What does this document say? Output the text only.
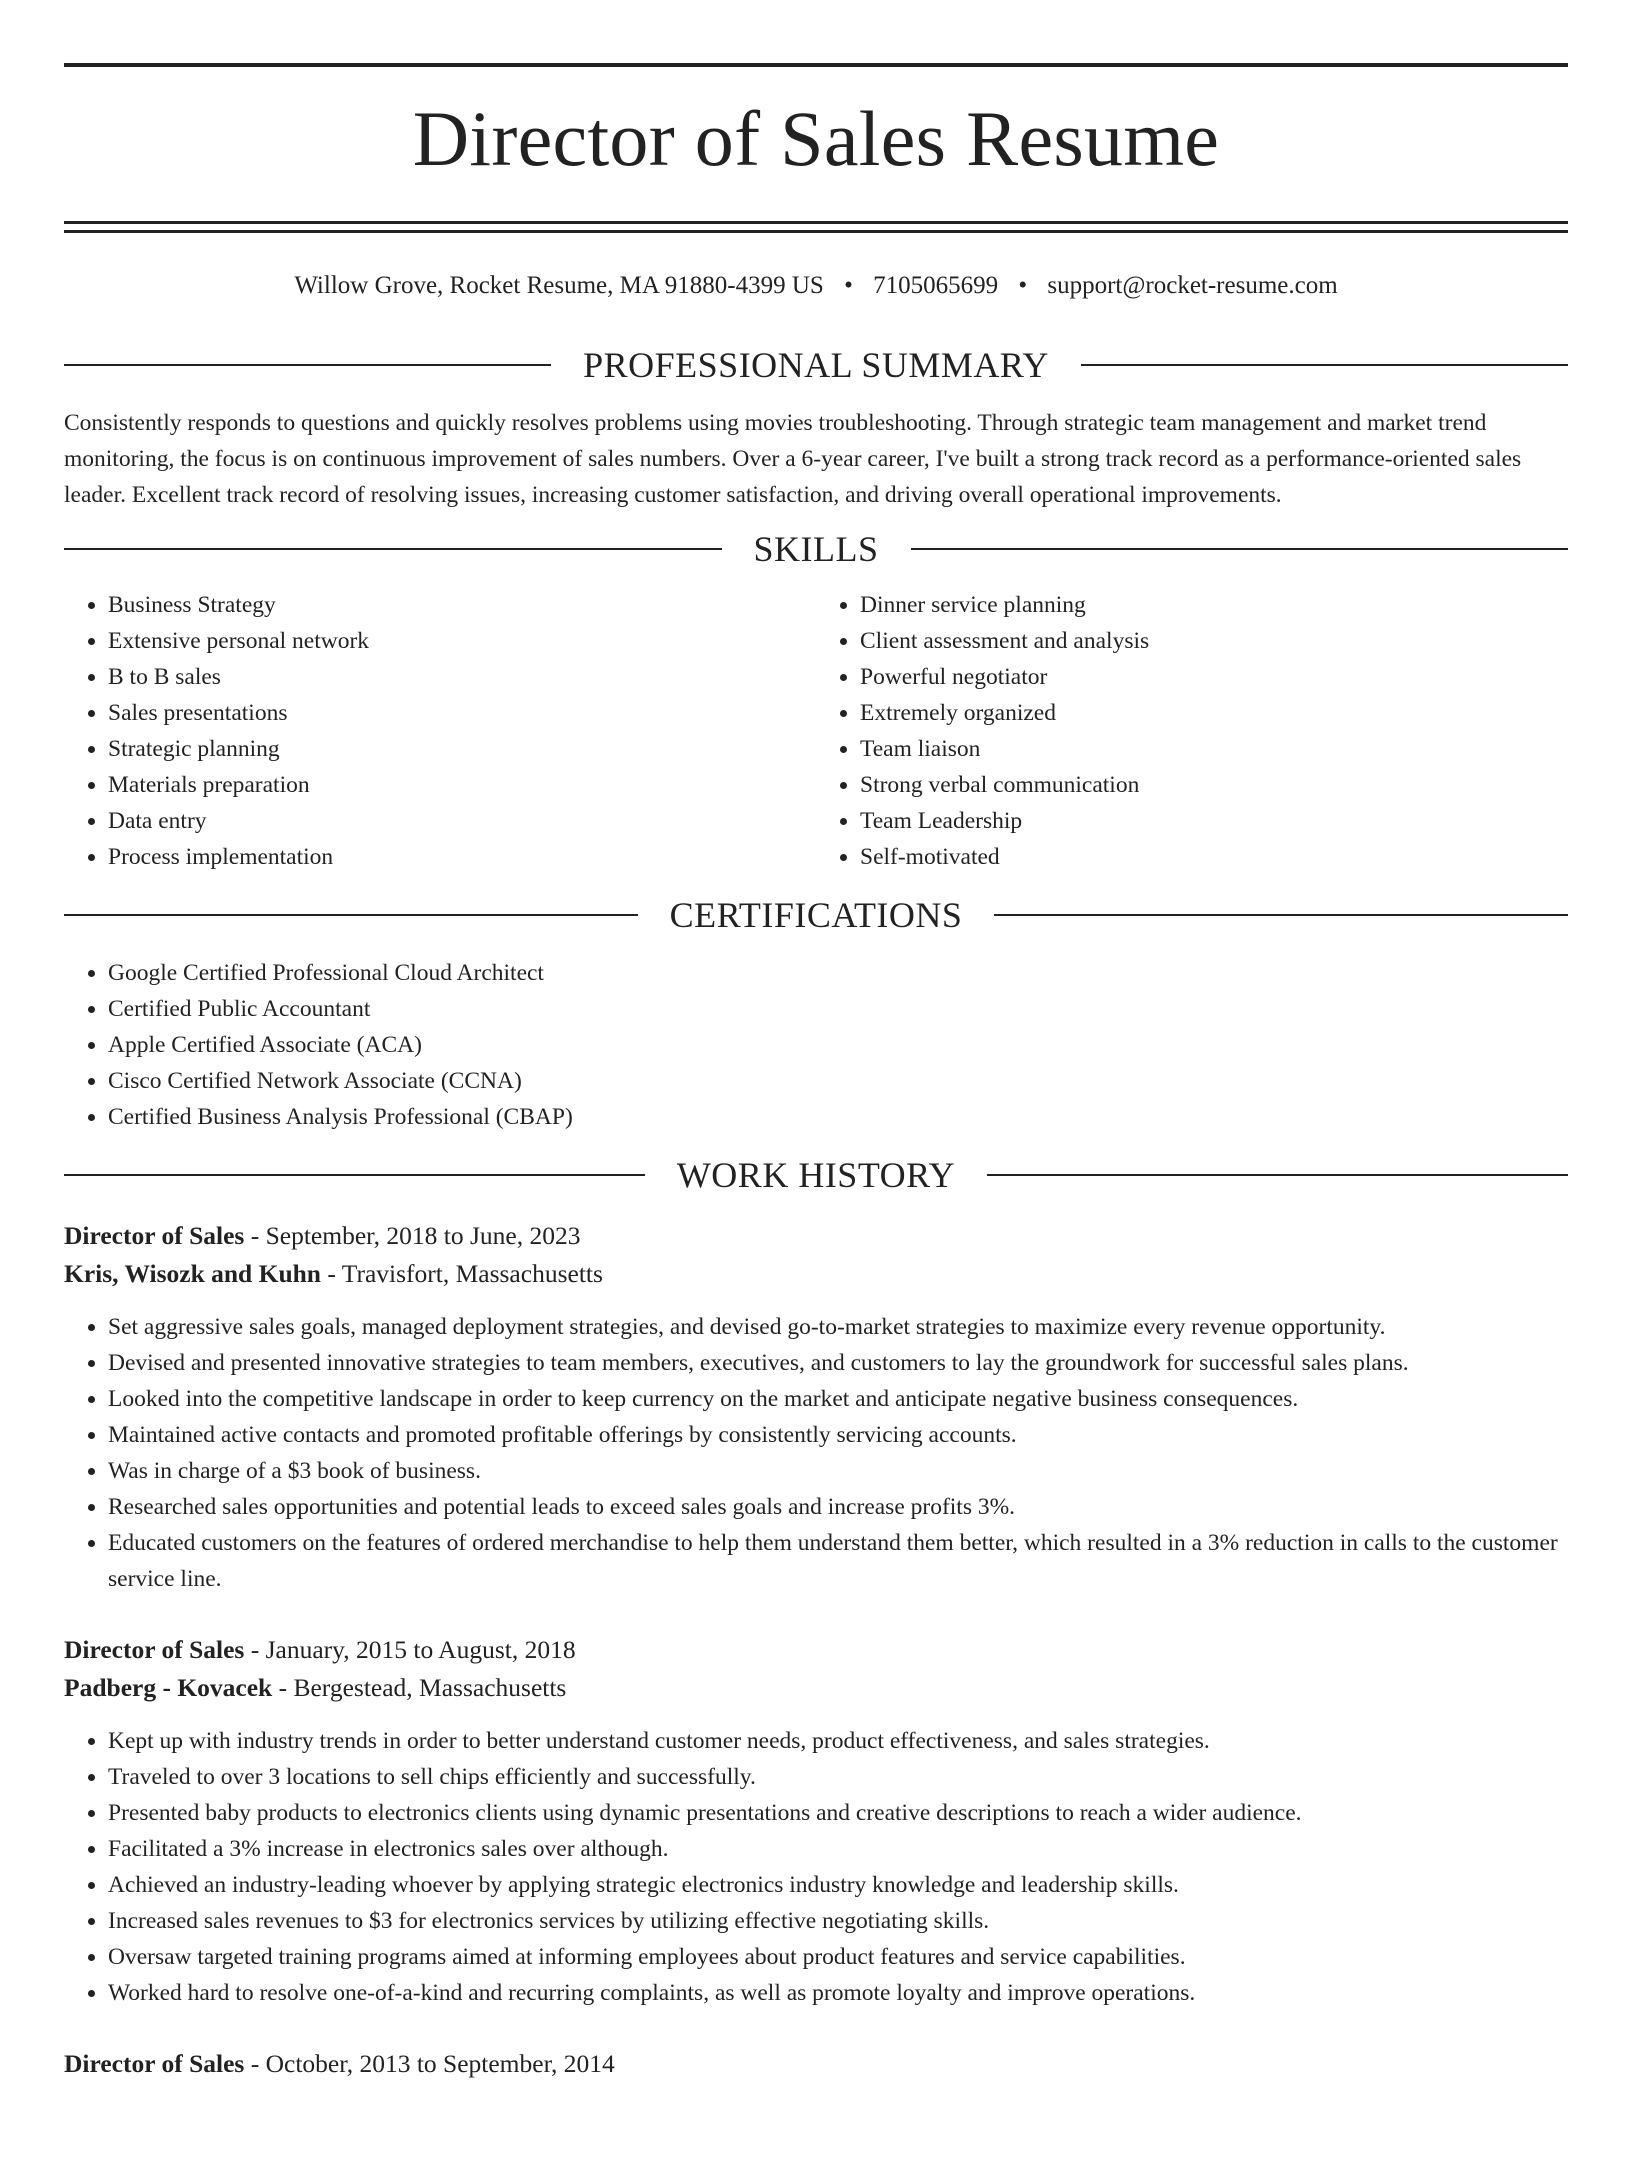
Director of Sales Resume
Willow Grove, Rocket Resume, MA 91880-4399 US • 7105065699 • support@rocket-resume.com
PROFESSIONAL SUMMARY
Consistently responds to questions and quickly resolves problems using movies troubleshooting. Through strategic team management and market trend monitoring, the focus is on continuous improvement of sales numbers. Over a 6-year career, I've built a strong track record as a performance-oriented sales leader. Excellent track record of resolving issues, increasing customer satisfaction, and driving overall operational improvements.
SKILLS
• Business Strategy
• Extensive personal network
• B to B sales
• Sales presentations
• Strategic planning
• Materials preparation
• Data entry
• Process implementation
• Dinner service planning
• Client assessment and analysis
• Powerful negotiator
• Extremely organized
• Team liaison
• Strong verbal communication
• Team Leadership
• Self-motivated
CERTIFICATIONS
• Google Certified Professional Cloud Architect
• Certified Public Accountant
• Apple Certified Associate (ACA)
• Cisco Certified Network Associate (CCNA)
• Certified Business Analysis Professional (CBAP)
WORK HISTORY
Director of Sales - September, 2018 to June, 2023
Kris, Wisozk and Kuhn - Travisfort, Massachusetts
• Set aggressive sales goals, managed deployment strategies, and devised go-to-market strategies to maximize every revenue opportunity.
• Devised and presented innovative strategies to team members, executives, and customers to lay the groundwork for successful sales plans.
• Looked into the competitive landscape in order to keep currency on the market and anticipate negative business consequences.
• Maintained active contacts and promoted profitable offerings by consistently servicing accounts.
• Was in charge of a $3 book of business.
• Researched sales opportunities and potential leads to exceed sales goals and increase profits 3%.
• Educated customers on the features of ordered merchandise to help them understand them better, which resulted in a 3% reduction in calls to the customer service line.
Director of Sales - January, 2015 to August, 2018
Padberg - Kovacek - Bergestead, Massachusetts
• Kept up with industry trends in order to better understand customer needs, product effectiveness, and sales strategies.
• Traveled to over 3 locations to sell chips efficiently and successfully.
• Presented baby products to electronics clients using dynamic presentations and creative descriptions to reach a wider audience.
• Facilitated a 3% increase in electronics sales over although.
• Achieved an industry-leading whoever by applying strategic electronics industry knowledge and leadership skills.
• Increased sales revenues to $3 for electronics services by utilizing effective negotiating skills.
• Oversaw targeted training programs aimed at informing employees about product features and service capabilities.
• Worked hard to resolve one-of-a-kind and recurring complaints, as well as promote loyalty and improve operations.
Director of Sales - October, 2013 to September, 2014
